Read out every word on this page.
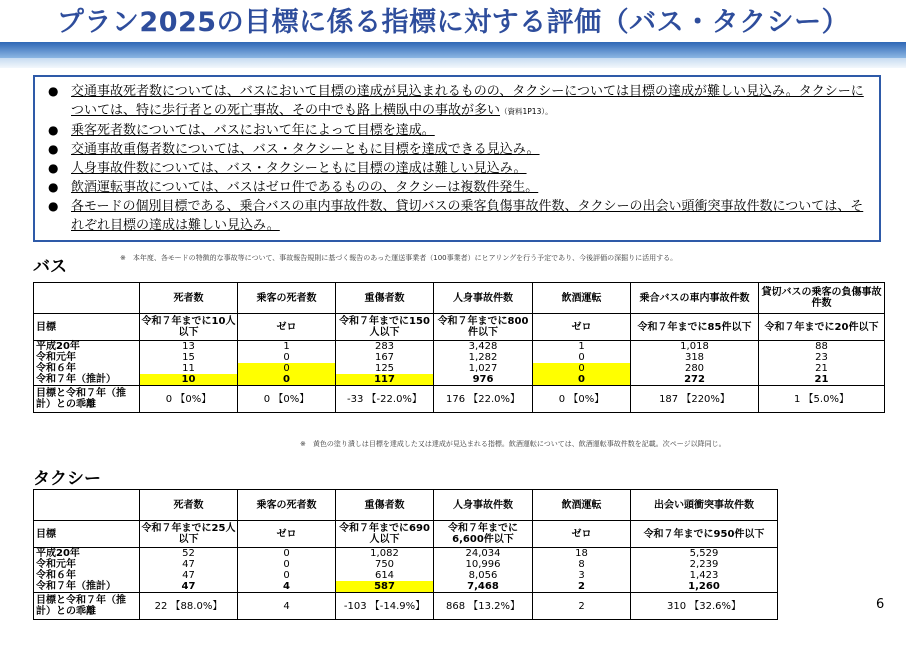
プラン2025の目標に係る指標に対する評価（バス・タクシー）
● 交通事故死者数については、バスにおいて目標の達成が見込まれるものの、タクシーについては目標の達成が難しい見込み。タクシーについては、特に歩行者との死亡事故、その中でも路上横臥中の事故が多い（資料1P13）。
● 乗客死者数については、バスにおいて年によって目標を達成。
● 交通事故重傷者数については、バス・タクシーともに目標を達成できる見込み。
● 人身事故件数については、バス・タクシーともに目標の達成は難しい見込み。
● 飲酒運転事故については、バスはゼロ件であるものの、タクシーは複数件発生。
● 各モードの個別目標である、乗合バスの車内事故件数、貸切バスの乗客負傷事故件数、タクシーの出会い頭衝突事故件数については、それぞれ目標の達成は難しい見込み。
バス	※　本年度、各モードの特徴的な事故等について、事故報告規則に基づく報告のあった運送事業者（100事業者）にヒアリングを行う予定であり、今後評価の深掘りに活用する。
	死者数	乗客の死者数	重傷者数	人身事故件数	飲酒運転	乗合バスの車内事故件数	貸切バスの乗客の負傷事故件数
目標	令和７年までに10人以下	ゼロ	令和７年までに150人以下	令和７年までに800件以下	ゼロ	令和７年までに85件以下	令和７年までに20件以下
平成20年	13	1	283	3,428	1	1,018	88
令和元年	15	0	167	1,282	0	318	23
令和６年	11	0	125	1,027	0	280	21
令和７年（推計）	10	0	117	976	0	272	21
目標と令和７年（推計）との乖離	0 【0%】	0 【0%】	-33 【-22.0%】	176 【22.0%】	0 【0%】	187 【220%】	1 【5.0%】
※　黄色の塗り潰しは目標を達成した又は達成が見込まれる指標。飲酒運転については、飲酒運転事故件数を記載。次ページ以降同じ。
タクシー
	死者数	乗客の死者数	重傷者数	人身事故件数	飲酒運転	出会い頭衝突事故件数
目標	令和７年までに25人以下	ゼロ	令和７年までに690人以下	令和７年までに6,600件以下	ゼロ	令和７年までに950件以下
平成20年	52	0	1,082	24,034	18	5,529
令和元年	47	0	750	10,996	8	2,239
令和６年	47	0	614	8,056	3	1,423
令和７年（推計）	47	4	587	7,468	2	1,260
目標と令和７年（推計）との乖離	22 【88.0%】	4	-103 【-14.9%】	868 【13.2%】	2	310 【32.6%】	6
